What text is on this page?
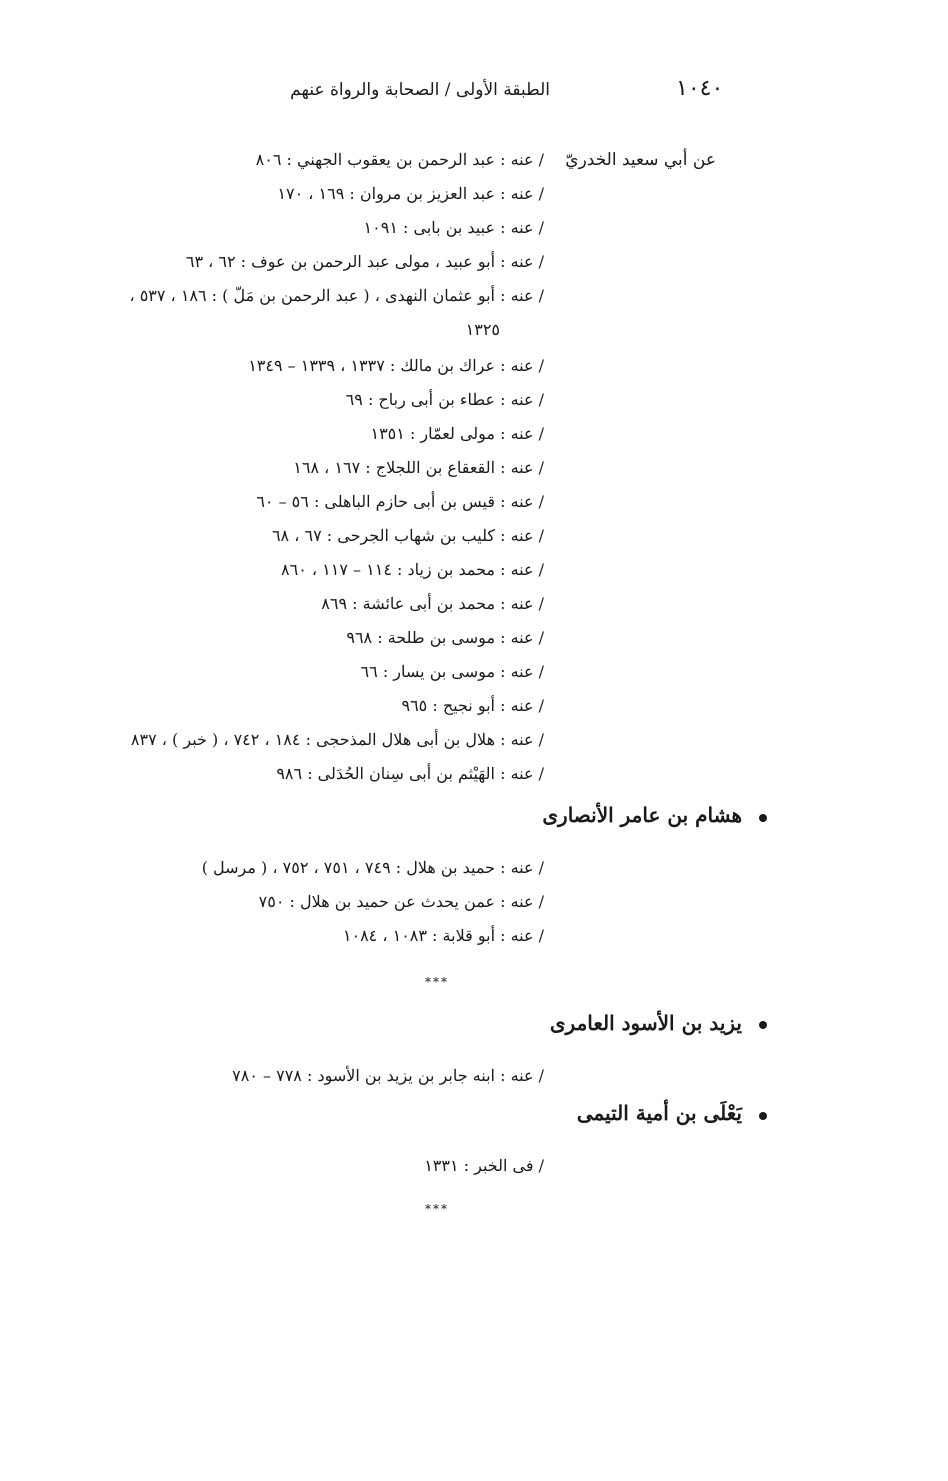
١٠٤٠
الطبقة الأولى / الصحابة والرواة عنهم
عن أبي سعيد الخدريّ
/ عنه : عبد الرحمن بن يعقوب الجهني : ٨٠٦
/ عنه : عبد العزيز بن مروان : ١٦٩ ، ١٧٠
/ عنه : عبيد بن بابى : ١٠٩١
/ عنه : أبو عبيد ، مولى عبد الرحمن بن عوف : ٦٢ ، ٦٣
/ عنه : أبو عثمان النهدى ، ( عبد الرحمن بن مَلّ ) : ١٨٦ ، ٥٣٧ ،
١٣٢٥
/ عنه : عراك بن مالك : ١٣٣٧ ، ١٣٣٩ – ١٣٤٩
/ عنه : عطاء بن أبى رباح : ٦٩
/ عنه : مولى لعمّار : ١٣٥١
/ عنه : القعقاع بن اللجلاج : ١٦٧ ، ١٦٨
/ عنه : قيس بن أبى حازم الباهلى : ٥٦ – ٦٠
/ عنه : كليب بن شهاب الجرحى : ٦٧ ، ٦٨
/ عنه : محمد بن زياد : ١١٤ – ١١٧ ، ٨٦٠
/ عنه : محمد بن أبى عائشة : ٨٦٩
/ عنه : موسى بن طلحة : ٩٦٨
/ عنه : موسى بن يسار : ٦٦
/ عنه : أبو نجيح : ٩٦٥
/ عنه : هلال بن أبى هلال المذحجى : ١٨٤ ، ٧٤٢ ، ( خبر ) ، ٨٣٧
/ عنه : الهَيْثم بن أبى سِنان الحُدَلى : ٩٨٦
هشام بن عامر الأنصارى
/ عنه : حميد بن هلال : ٧٤٩ ، ٧٥١ ، ٧٥٢ ، ( مرسل )
/ عنه : عمن يحدث عن حميد بن هلال : ٧٥٠
/ عنه : أبو قلابة : ١٠٨٣ ، ١٠٨٤
***
يزيد بن الأسود العامرى
/ عنه : ابنه جابر بن يزيد بن الأسود : ٧٧٨ – ٧٨٠
يَعْلَى بن أمية التيمى
/ فى الخبر : ١٣٣١
***
